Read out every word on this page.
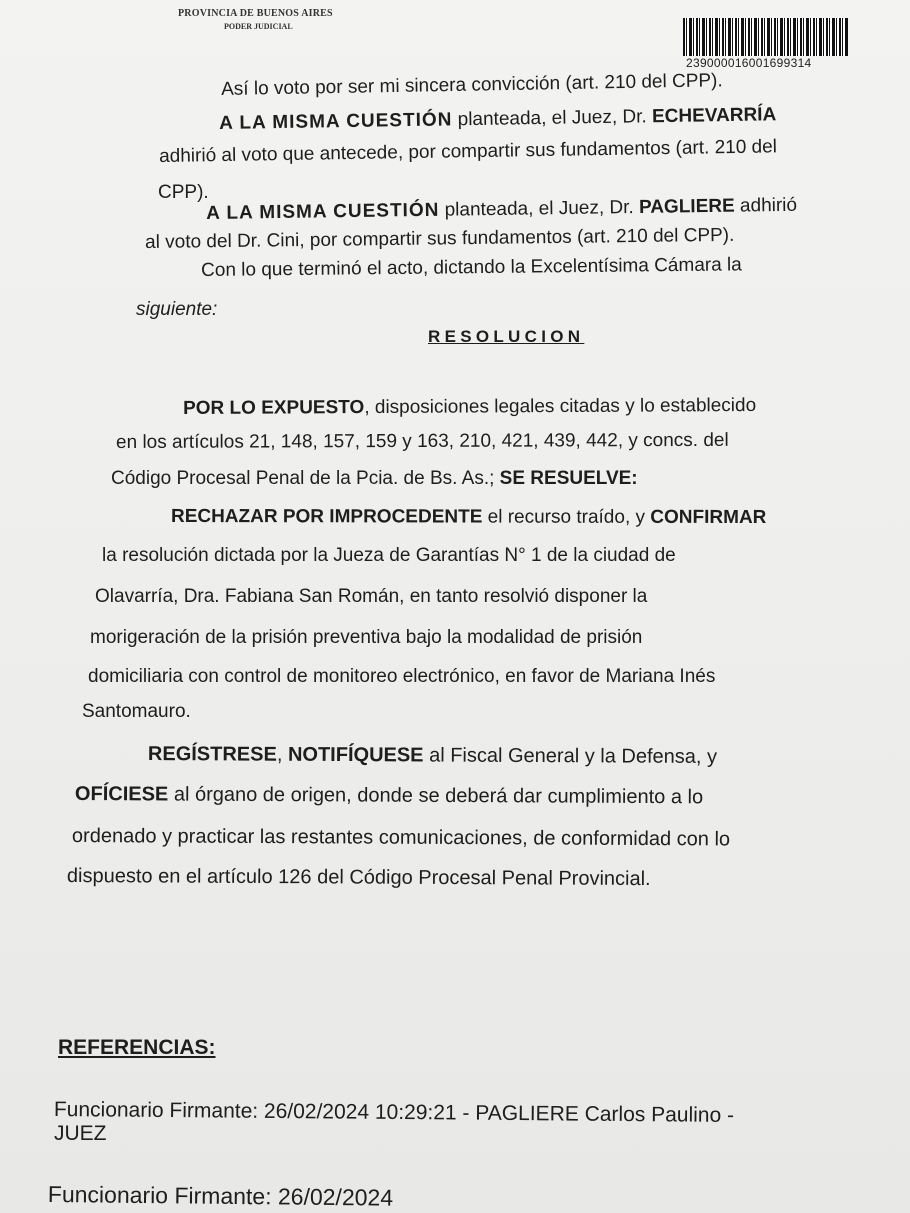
PROVINCIA DE BUENOS AIRES
PODER JUDICIAL
239000016001699314
Así lo voto por ser mi sincera convicción (art. 210 del CPP).
A LA MISMA CUESTIÓN planteada, el Juez, Dr. ECHEVARRÍA
adhirió al voto que antecede, por compartir sus fundamentos (art. 210 del
CPP).
A LA MISMA CUESTIÓN planteada, el Juez, Dr. PAGLIERE adhirió
al voto del Dr. Cini, por compartir sus fundamentos (art. 210 del CPP).
Con lo que terminó el acto, dictando la Excelentísima Cámara la
siguiente:
RESOLUCION
POR LO EXPUESTO, disposiciones legales citadas y lo establecido
en los artículos 21, 148, 157, 159 y 163, 210, 421, 439, 442, y concs. del
Código Procesal Penal de la Pcia. de Bs. As.; SE RESUELVE:
RECHAZAR POR IMPROCEDENTE el recurso traído, y CONFIRMAR
la resolución dictada por la Jueza de Garantías N° 1 de la ciudad de
Olavarría, Dra. Fabiana San Román, en tanto resolvió disponer la
morigeración de la prisión preventiva bajo la modalidad de prisión
domiciliaria con control de monitoreo electrónico, en favor de Mariana Inés
Santomauro.
REGÍSTRESE, NOTIFÍQUESE al Fiscal General y la Defensa, y
OFÍCIESE al órgano de origen, donde se deberá dar cumplimiento a lo
ordenado y practicar las restantes comunicaciones, de conformidad con lo
dispuesto en el artículo 126 del Código Procesal Penal Provincial.
REFERENCIAS:
Funcionario Firmante: 26/02/2024 10:29:21 - PAGLIERE Carlos Paulino -
JUEZ
Funcionario Firmante: 26/02/2024
